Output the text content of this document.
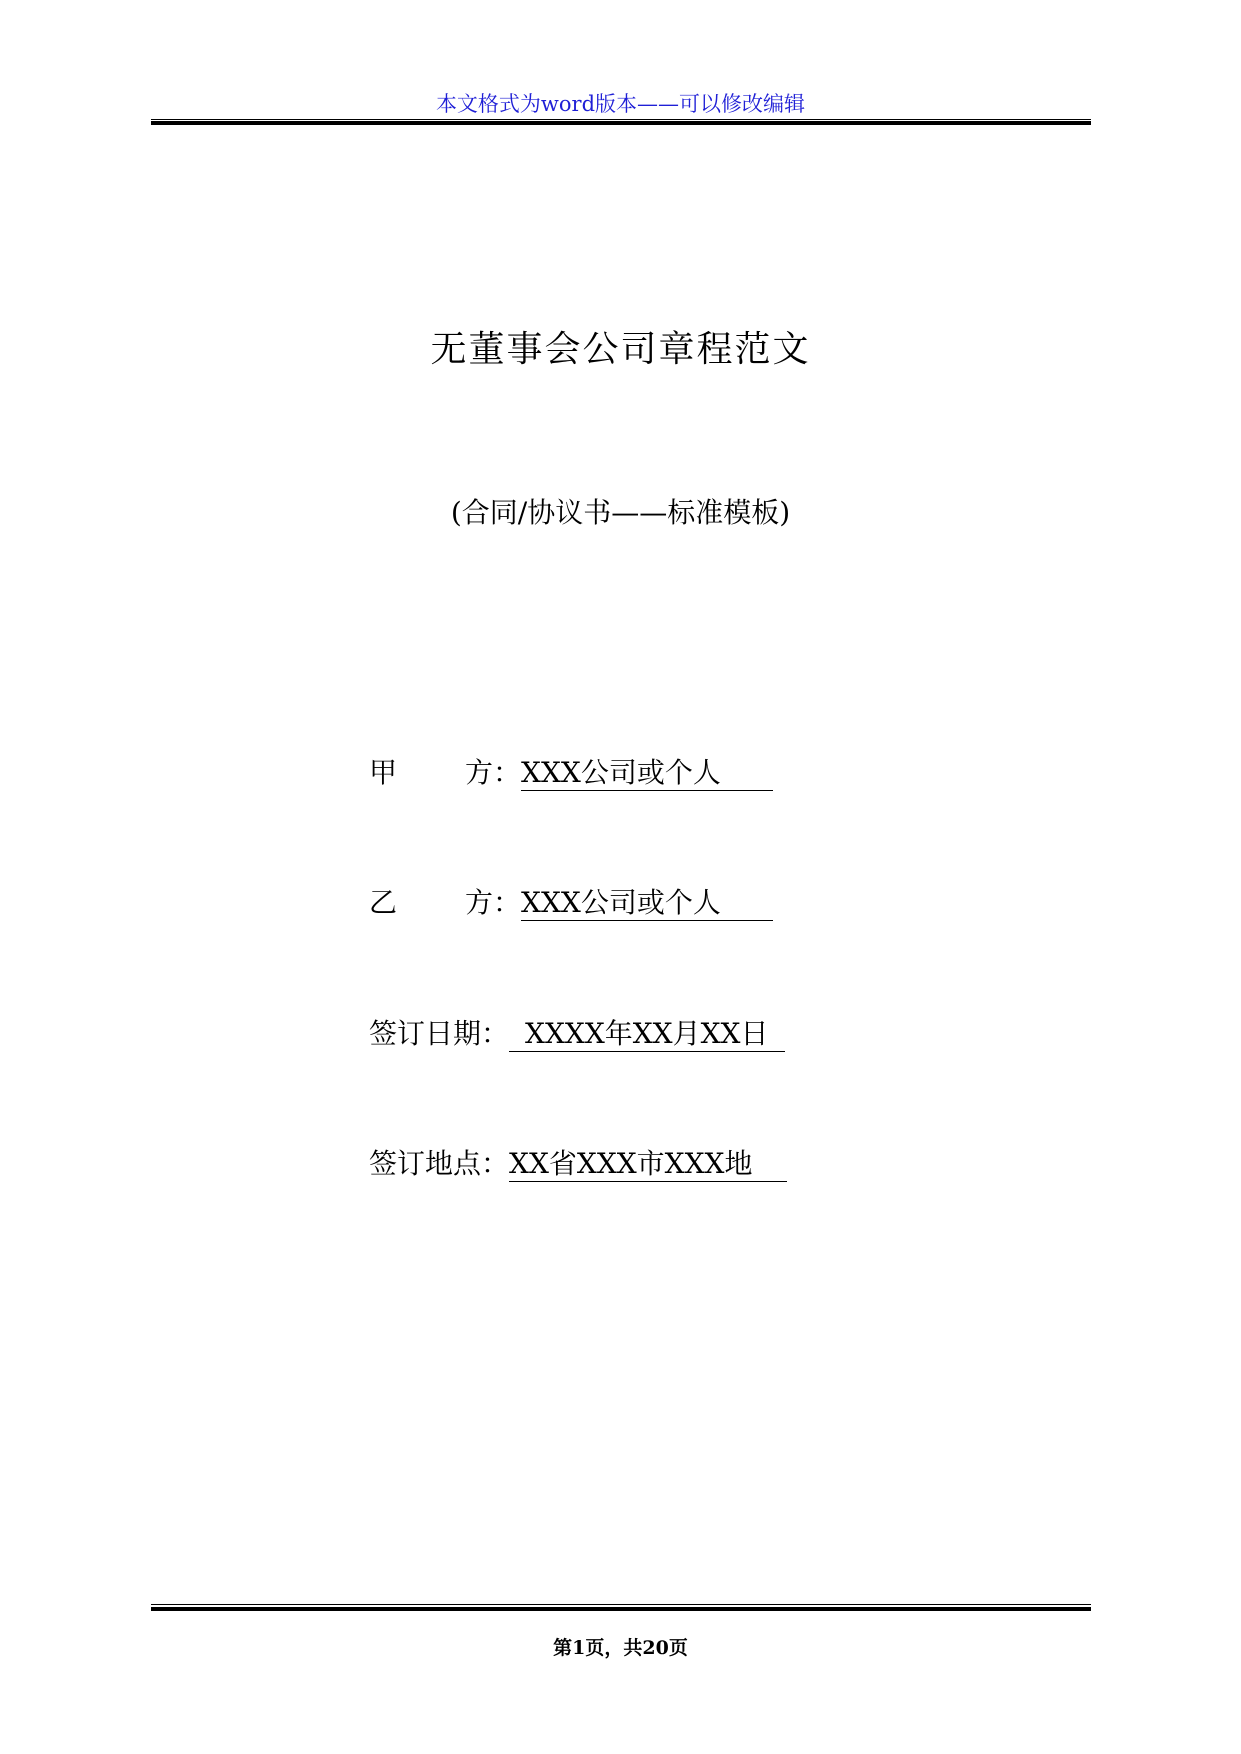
本文格式为word版本——可以修改编辑
无董事会公司章程范文
(合同/协议书——标准模板)
甲 方：XXX公司或个人
乙 方：XXX公司或个人
签订日期： XXXX年XX月XX日
签订地点：XX省XXX市XXX地
第1页，共20页
